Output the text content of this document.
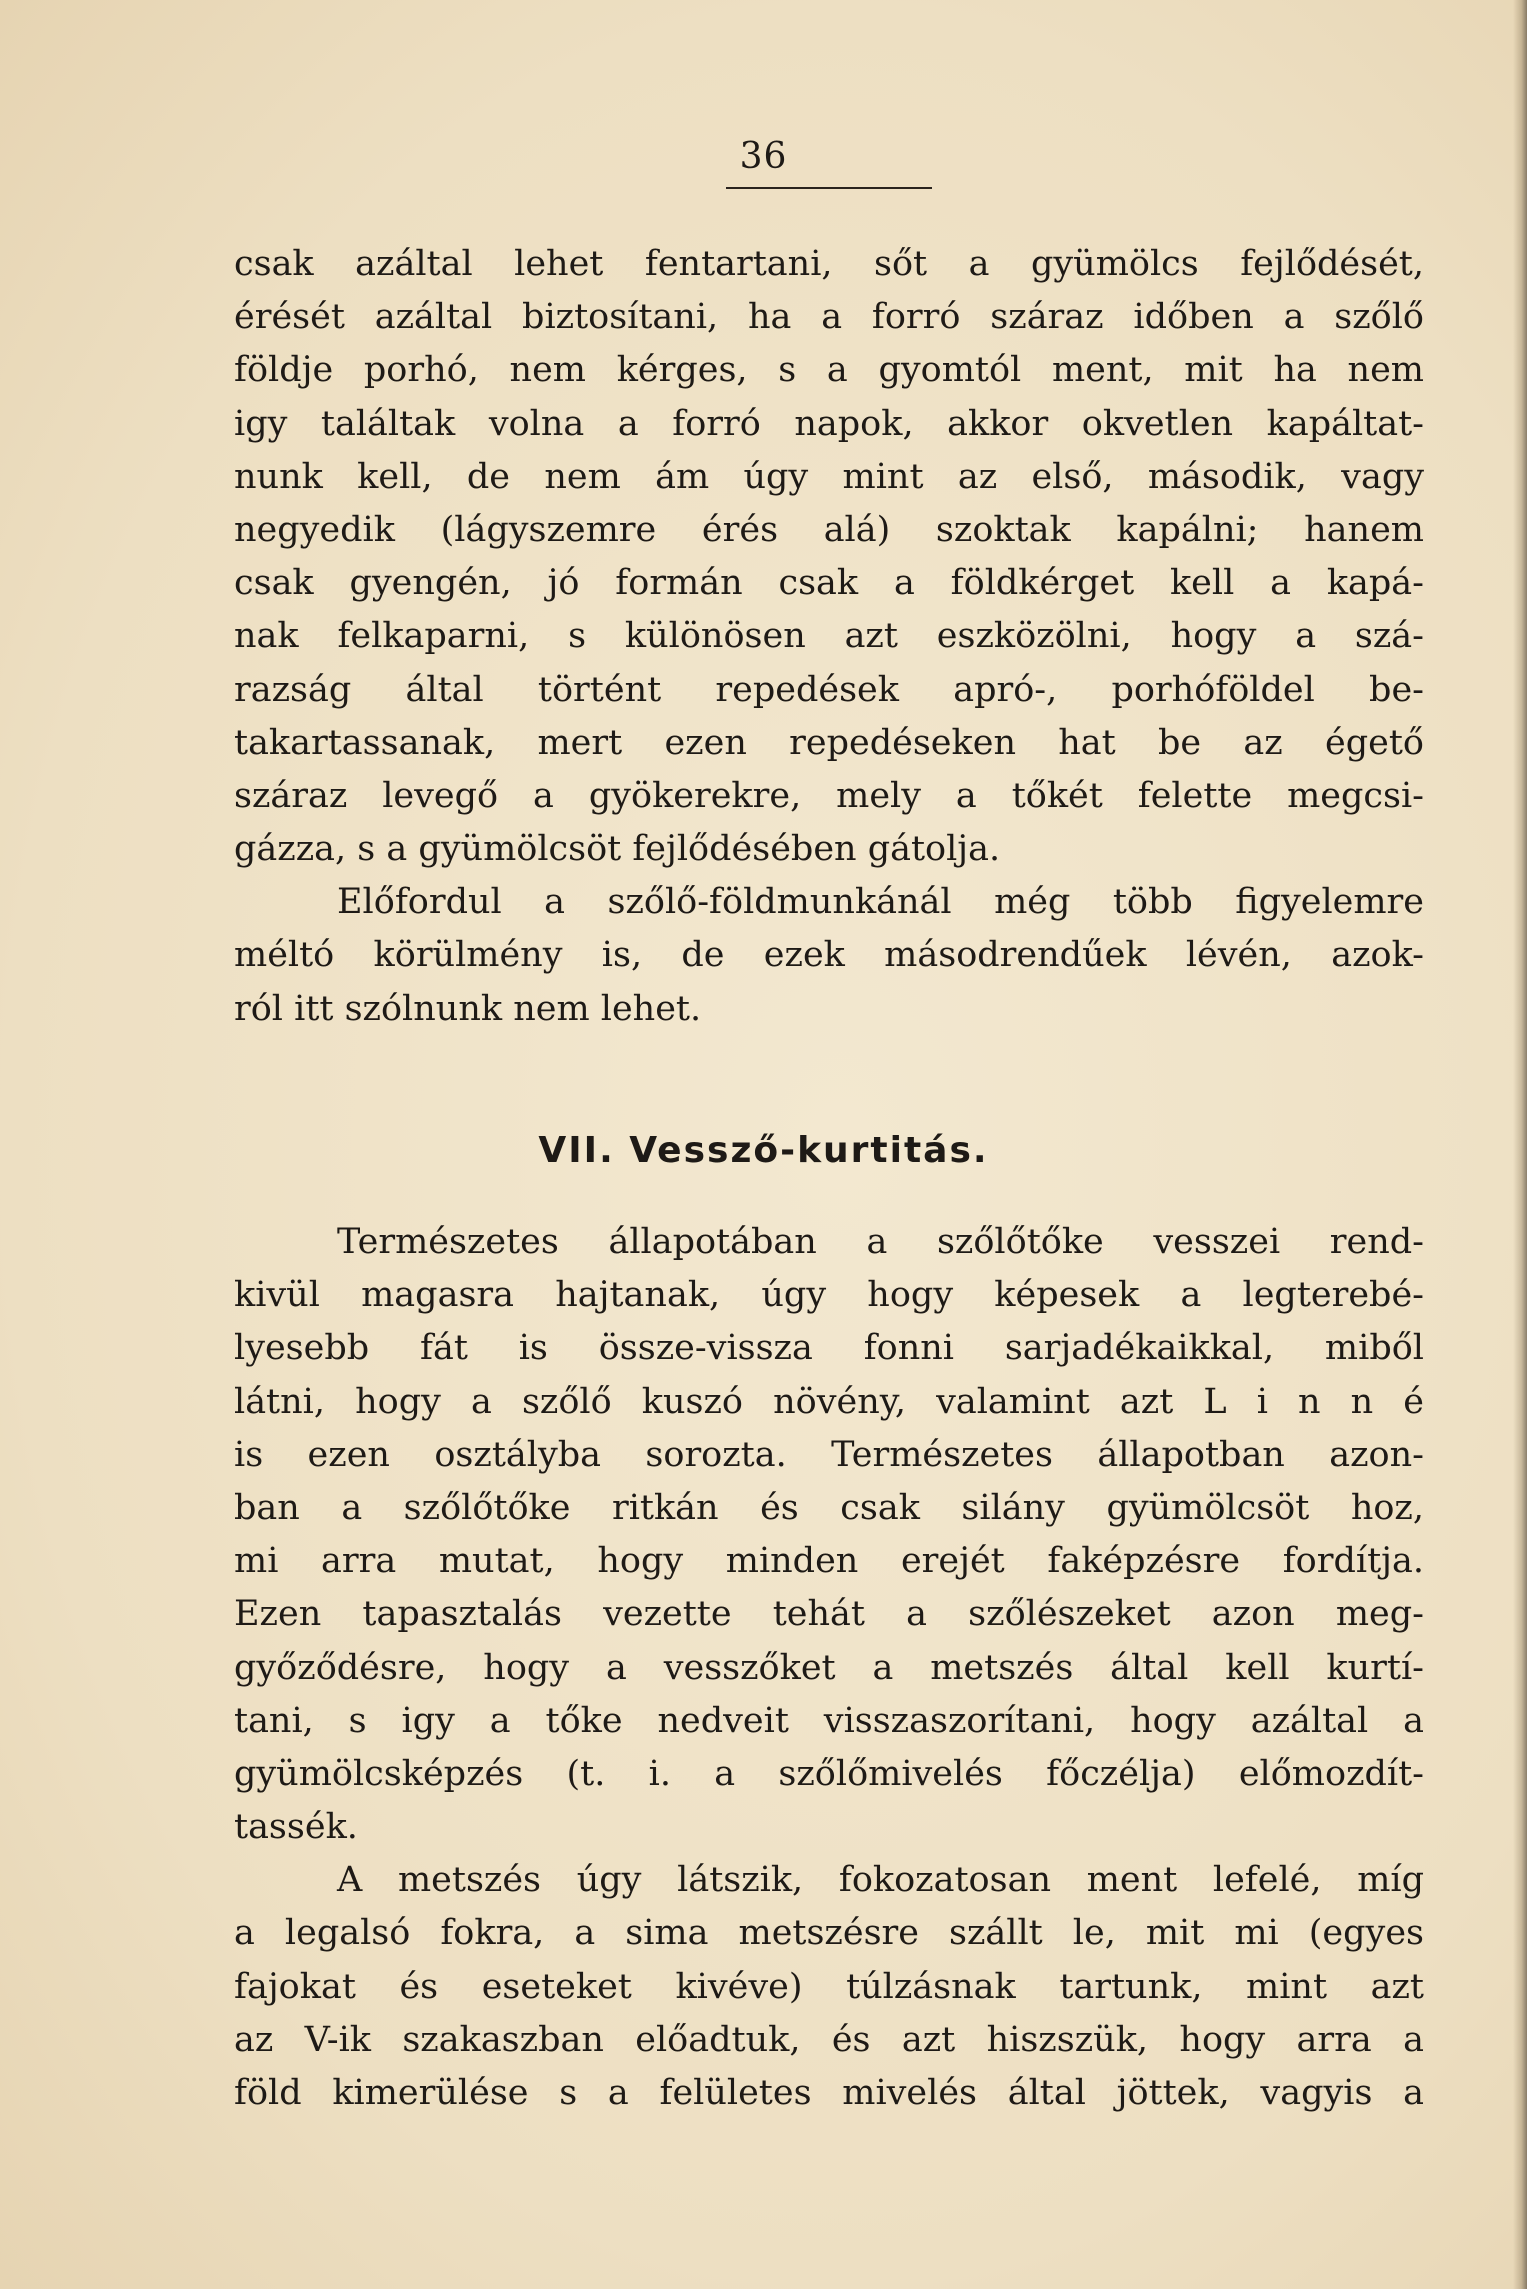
36
csak azáltal lehet fentartani, sőt a gyümölcs fejlődését,
érését azáltal biztosítani, ha a forró száraz időben a szőlő
földje porhó, nem kérges, s a gyomtól ment, mit ha nem
igy találtak volna a forró napok, akkor okvetlen kapáltat-
nunk kell, de nem ám úgy mint az első, második, vagy
negyedik (lágyszemre érés alá) szoktak kapálni; hanem
csak gyengén, jó formán csak a földkérget kell a kapá-
nak felkaparni, s különösen azt eszközölni, hogy a szá-
razság által történt repedések apró-, porhóföldel be-
takartassanak, mert ezen repedéseken hat be az égető
száraz levegő a gyökerekre, mely a tőkét felette megcsi-
gázza, s a gyümölcsöt fejlődésében gátolja.
Előfordul a szőlő-földmunkánál még több figyelemre
méltó körülmény is, de ezek másodrendűek lévén, azok-
ról itt szólnunk nem lehet.
VII. Vessző-kurtitás.
Természetes állapotában a szőlőtőke vesszei rend-
kivül magasra hajtanak, úgy hogy képesek a legterebé-
lyesebb fát is össze-vissza fonni sarjadékaikkal, miből
látni, hogy a szőlő kuszó növény, valamint azt L i n n é
is ezen osztályba sorozta. Természetes állapotban azon-
ban a szőlőtőke ritkán és csak silány gyümölcsöt hoz,
mi arra mutat, hogy minden erejét faképzésre fordítja.
Ezen tapasztalás vezette tehát a szőlészeket azon meg-
győződésre, hogy a vesszőket a metszés által kell kurtí-
tani, s igy a tőke nedveit visszaszorítani, hogy azáltal a
gyümölcsképzés (t. i. a szőlőmivelés főczélja) előmozdít-
tassék.
A metszés úgy látszik, fokozatosan ment lefelé, míg
a legalsó fokra, a sima metszésre szállt le, mit mi (egyes
fajokat és eseteket kivéve) túlzásnak tartunk, mint azt
az V-ik szakaszban előadtuk, és azt hiszszük, hogy arra a
föld kimerülése s a felületes mivelés által jöttek, vagyis a
